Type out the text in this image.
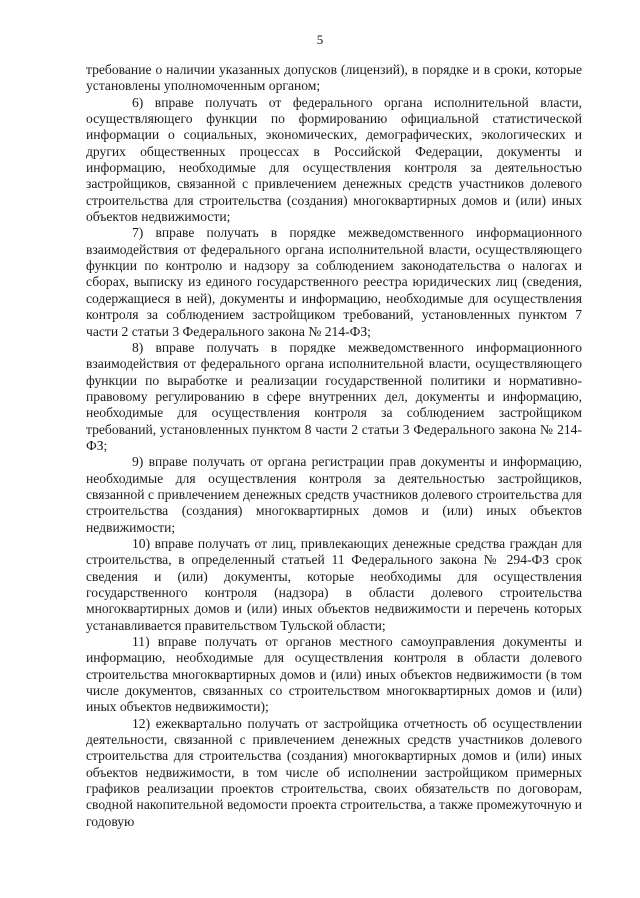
5

требование о наличии указанных допусков (лицензий), в порядке и в сроки, которые установлены уполномоченным органом;

6) вправе получать от федерального органа исполнительной власти, осуществляющего функции по формированию официальной статистической информации о социальных, экономических, демографических, экологических и других общественных процессах в Российской Федерации, документы и информацию, необходимые для осуществления контроля за деятельностью застройщиков, связанной с привлечением денежных средств участников долевого строительства для строительства (создания) многоквартирных домов и (или) иных объектов недвижимости;

7) вправе получать в порядке межведомственного информационного взаимодействия от федерального органа исполнительной власти, осуществляющего функции по контролю и надзору за соблюдением законодательства о налогах и сборах, выписку из единого государственного реестра юридических лиц (сведения, содержащиеся в ней), документы и информацию, необходимые для осуществления контроля за соблюдением застройщиком требований, установленных пунктом 7 части 2 статьи 3 Федерального закона № 214-ФЗ;

8) вправе получать в порядке межведомственного информационного взаимодействия от федерального органа исполнительной власти, осуществляющего функции по выработке и реализации государственной политики и нормативно-правовому регулированию в сфере внутренних дел, документы и информацию, необходимые для осуществления контроля за соблюдением застройщиком требований, установленных пунктом 8 части 2 статьи 3 Федерального закона № 214-ФЗ;

9) вправе получать от органа регистрации прав документы и информацию, необходимые для осуществления контроля за деятельностью застройщиков, связанной с привлечением денежных средств участников долевого строительства для строительства (создания) многоквартирных домов и (или) иных объектов недвижимости;

10) вправе получать от лиц, привлекающих денежные средства граждан для строительства, в определенный статьей 11 Федерального закона № 294-ФЗ срок сведения и (или) документы, которые необходимы для осуществления государственного контроля (надзора) в области долевого строительства многоквартирных домов и (или) иных объектов недвижимости и перечень которых устанавливается правительством Тульской области;

11) вправе получать от органов местного самоуправления документы и информацию, необходимые для осуществления контроля в области долевого строительства многоквартирных домов и (или) иных объектов недвижимости (в том числе документов, связанных со строительством многоквартирных домов и (или) иных объектов недвижимости);

12) ежеквартально получать от застройщика отчетность об осуществлении деятельности, связанной с привлечением денежных средств участников долевого строительства для строительства (создания) многоквартирных домов и (или) иных объектов недвижимости, в том числе об исполнении застройщиком примерных графиков реализации проектов строительства, своих обязательств по договорам, сводной накопительной ведомости проекта строительства, а также промежуточную и годовую
